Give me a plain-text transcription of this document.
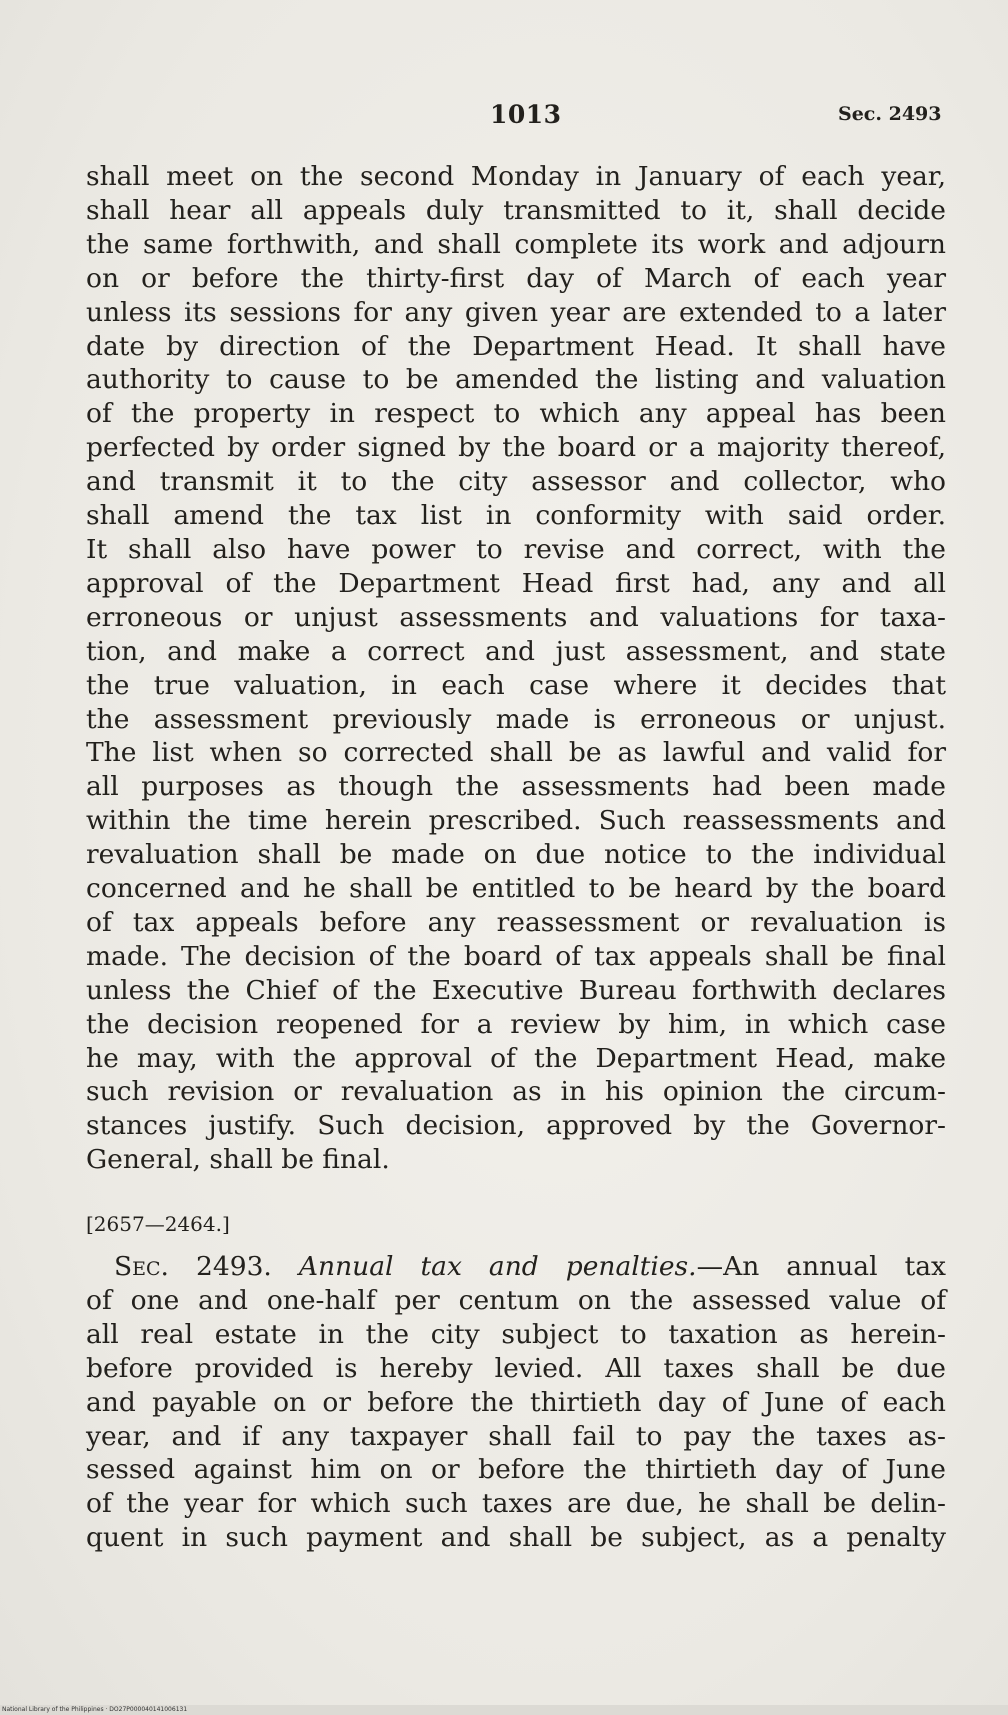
1013	Sec. 2493
shall meet on the second Monday in January of each year,
shall hear all appeals duly transmitted to it, shall decide
the same forthwith, and shall complete its work and adjourn
on or before the thirty-first day of March of each year
unless its sessions for any given year are extended to a later
date by direction of the Department Head. It shall have
authority to cause to be amended the listing and valuation
of the property in respect to which any appeal has been
perfected by order signed by the board or a majority thereof,
and transmit it to the city assessor and collector, who
shall amend the tax list in conformity with said order.
It shall also have power to revise and correct, with the
approval of the Department Head first had, any and all
erroneous or unjust assessments and valuations for taxa-
tion, and make a correct and just assessment, and state
the true valuation, in each case where it decides that
the assessment previously made is erroneous or unjust.
The list when so corrected shall be as lawful and valid for
all purposes as though the assessments had been made
within the time herein prescribed. Such reassessments and
revaluation shall be made on due notice to the individual
concerned and he shall be entitled to be heard by the board
of tax appeals before any reassessment or revaluation is
made. The decision of the board of tax appeals shall be final
unless the Chief of the Executive Bureau forthwith declares
the decision reopened for a review by him, in which case
he may, with the approval of the Department Head, make
such revision or revaluation as in his opinion the circum-
stances justify. Such decision, approved by the Governor-
General, shall be final.
[2657—2464.]
Sec. 2493. Annual tax and penalties.—An annual tax
of one and one-half per centum on the assessed value of
all real estate in the city subject to taxation as herein-
before provided is hereby levied. All taxes shall be due
and payable on or before the thirtieth day of June of each
year, and if any taxpayer shall fail to pay the taxes as-
sessed against him on or before the thirtieth day of June
of the year for which such taxes are due, he shall be delin-
quent in such payment and shall be subject, as a penalty
National Library of the Philippines · DO27P000040141006131
